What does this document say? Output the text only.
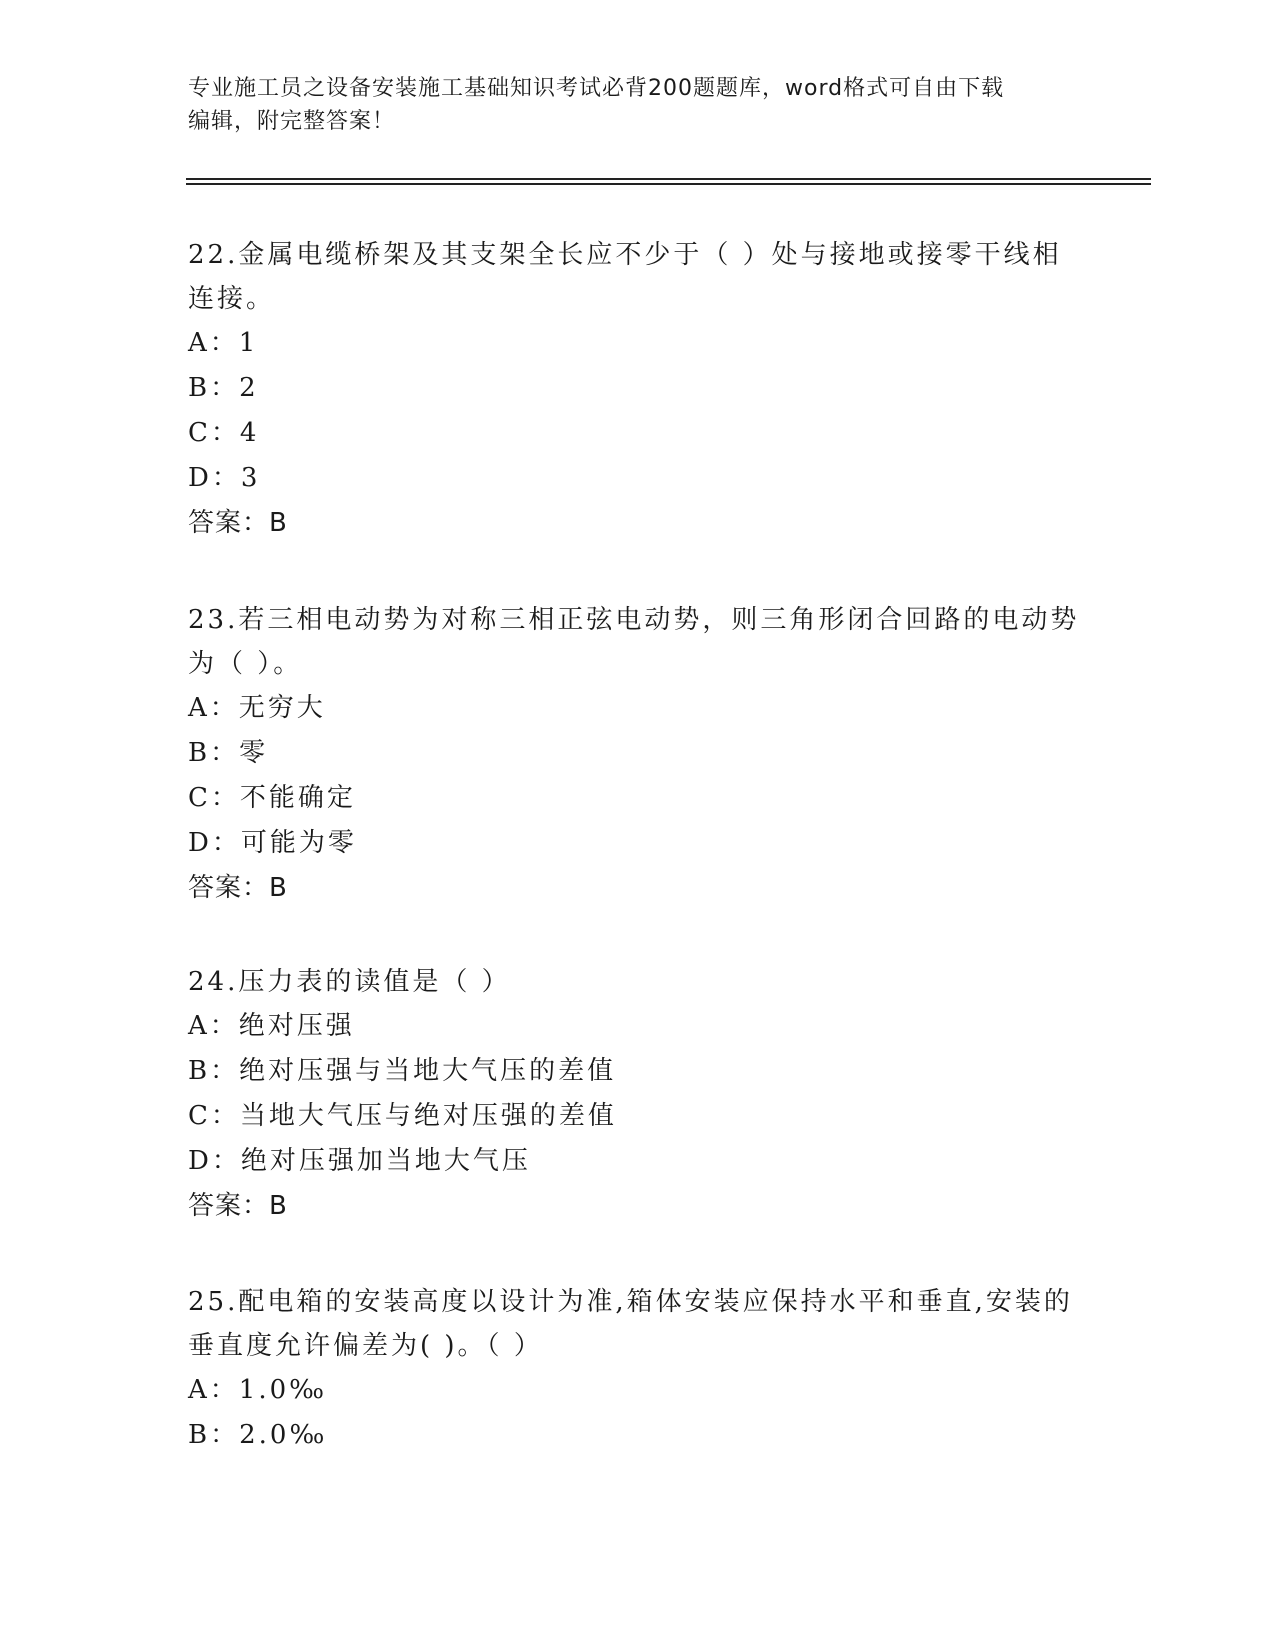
专业施工员之设备安装施工基础知识考试必背200题题库，word格式可自由下载
编辑，附完整答案！

22.金属电缆桥架及其支架全长应不少于（ ）处与接地或接零干线相连接。

A：1
B：2
C：4
D：3
答案：B

23.若三相电动势为对称三相正弦电动势，则三角形闭合回路的电动势为（ ）。

A：无穷大
B：零
C：不能确定
D：可能为零
答案：B

24.压力表的读值是（ ）

A：绝对压强
B：绝对压强与当地大气压的差值
C：当地大气压与绝对压强的差值
D：绝对压强加当地大气压
答案：B

25.配电箱的安装高度以设计为准,箱体安装应保持水平和垂直,安装的垂直度允许偏差为( )。（ ）

A：1.0‰
B：2.0‰
